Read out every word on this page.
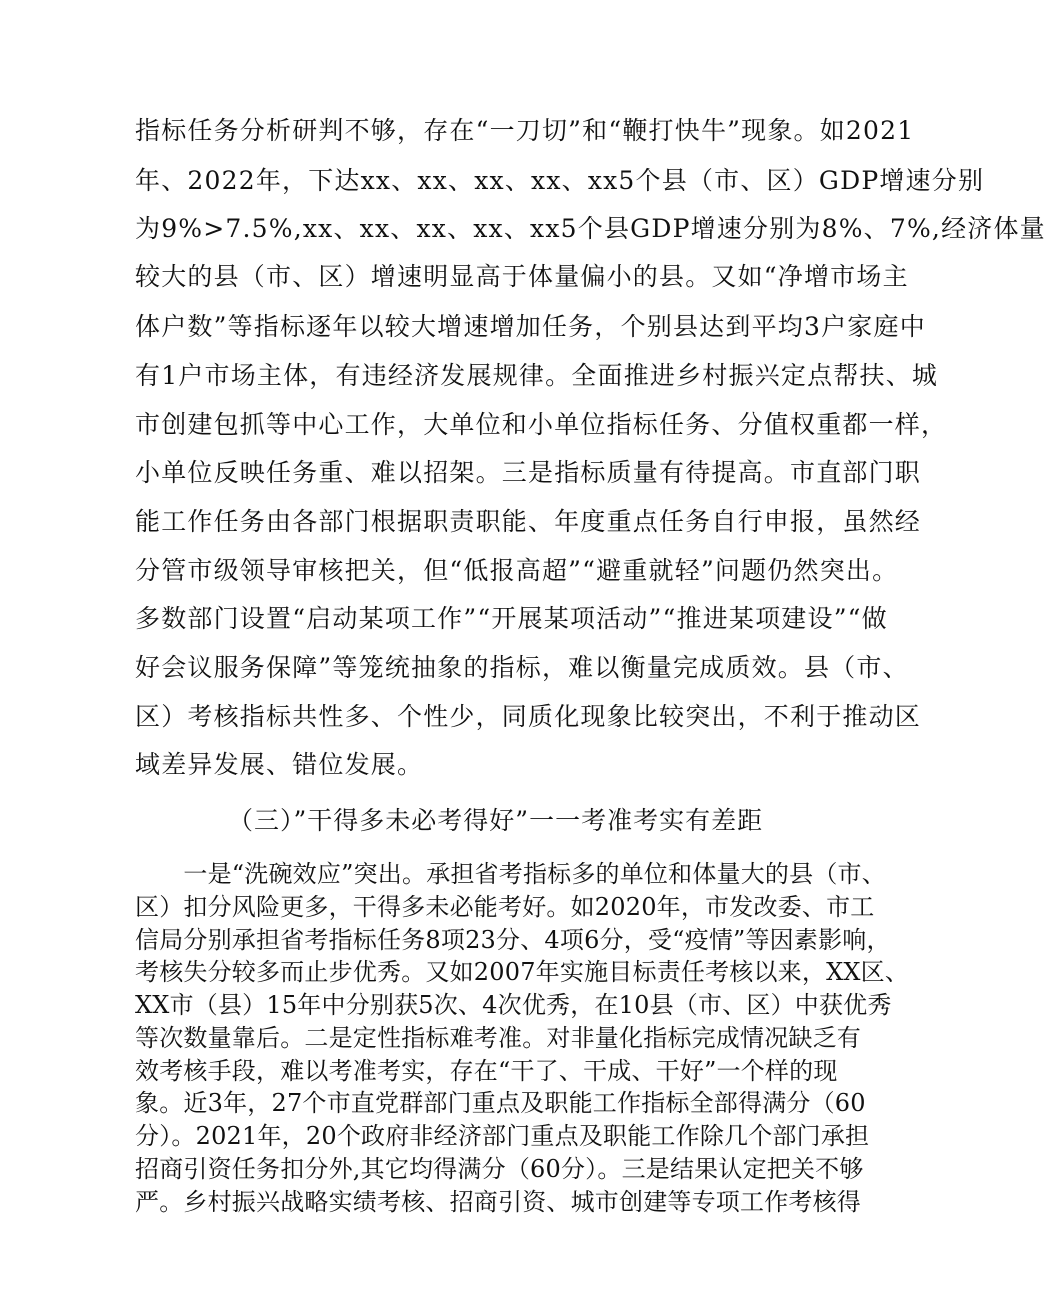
指标任务分析研判不够，存在“一刀切”和“鞭打快牛”现象。如2021
年、2022年，下达xx、xx、xx、xx、xx5个县（市、区）GDP增速分别
为9%>7.5%,xx、xx、xx、xx、xx5个县GDP增速分别为8%、7%,经济体量
较大的县（市、区）增速明显高于体量偏小的县。又如“净增市场主
体户数”等指标逐年以较大增速增加任务，个别县达到平均3户家庭中
有1户市场主体，有违经济发展规律。全面推进乡村振兴定点帮扶、城
市创建包抓等中心工作，大单位和小单位指标任务、分值权重都一样，
小单位反映任务重、难以招架。三是指标质量有待提高。市直部门职
能工作任务由各部门根据职责职能、年度重点任务自行申报，虽然经
分管市级领导审核把关，但“低报高超”“避重就轻”问题仍然突出。
多数部门设置“启动某项工作”“开展某项活动”“推进某项建设”“做
好会议服务保障”等笼统抽象的指标，难以衡量完成质效。县（市、
区）考核指标共性多、个性少，同质化现象比较突出，不利于推动区
域差异发展、错位发展。
（三）”干得多未必考得好”一一考准考实有差距
　　一是“洗碗效应”突出。承担省考指标多的单位和体量大的县（市、
区）扣分风险更多，干得多未必能考好。如2020年，市发改委、市工
信局分别承担省考指标任务8项23分、4项6分，受“疫情”等因素影响，
考核失分较多而止步优秀。又如2007年实施目标责任考核以来，XX区、
XX市（县）15年中分别获5次、4次优秀，在10县（市、区）中获优秀
等次数量靠后。二是定性指标难考准。对非量化指标完成情况缺乏有
效考核手段，难以考准考实，存在“干了、干成、干好”一个样的现
象。近3年，27个市直党群部门重点及职能工作指标全部得满分（60
分）。2021年，20个政府非经济部门重点及职能工作除几个部门承担
招商引资任务扣分外,其它均得满分（60分）。三是结果认定把关不够
严。乡村振兴战略实绩考核、招商引资、城市创建等专项工作考核得
